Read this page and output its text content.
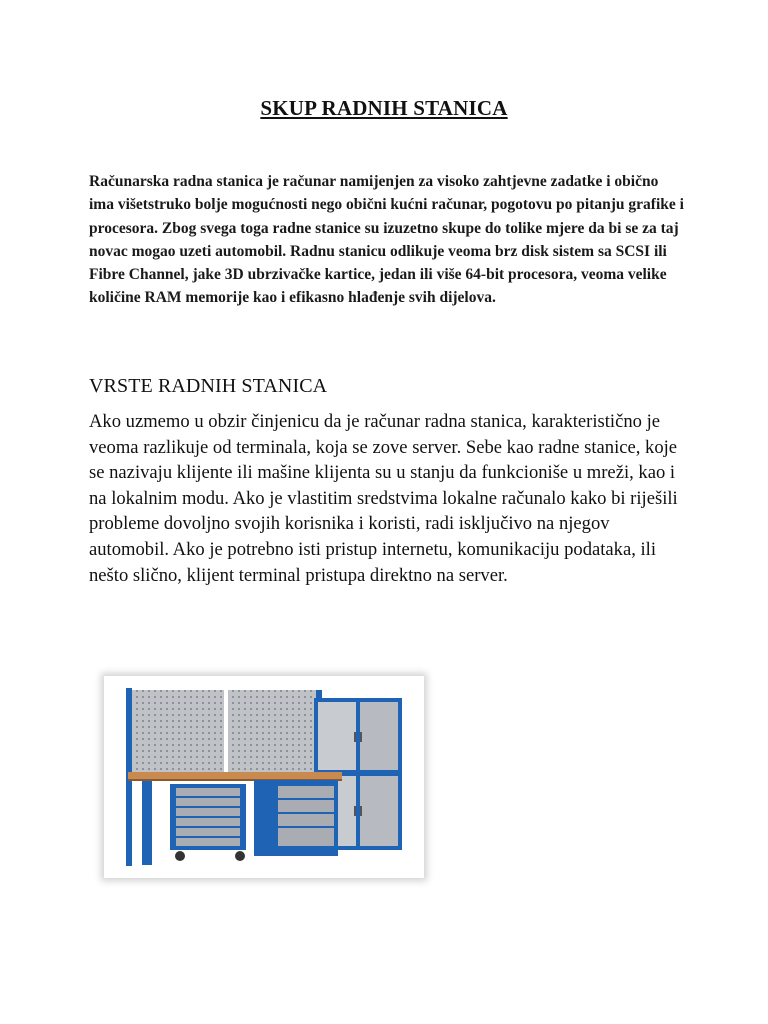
SKUP RADNIH STANICA
Računarska radna stanica je računar namijenjen za visoko zahtjevne zadatke i obično ima višetstruko bolje mogućnosti nego obični kućni računar, pogotovu po pitanju grafike i procesora. Zbog svega toga radne stanice su izuzetno skupe do tolike mjere da bi se za taj novac mogao uzeti automobil. Radnu stanicu odlikuje veoma brz disk sistem sa SCSI ili Fibre Channel, jake 3D ubrzivačke kartice, jedan ili više 64-bit procesora, veoma velike količine RAM memorije kao i efikasno hlađenje svih dijelova.
VRSTE RADNIH STANICA
Ako uzmemo u obzir činjenicu da je računar radna stanica, karakteristično je veoma razlikuje od terminala, koja se zove server. Sebe kao radne stanice, koje se nazivaju klijente ili mašine klijenta su u stanju da funkcioniše u mreži, kao i na lokalnim modu. Ako je vlastitim sredstvima lokalne računalo kako bi riješili probleme dovoljno svojih korisnika i koristi, radi isključivo na njegov automobil. Ako je potrebno isti pristup internetu, komunikaciju podataka, ili nešto slično, klijent terminal pristupa direktno na server.
